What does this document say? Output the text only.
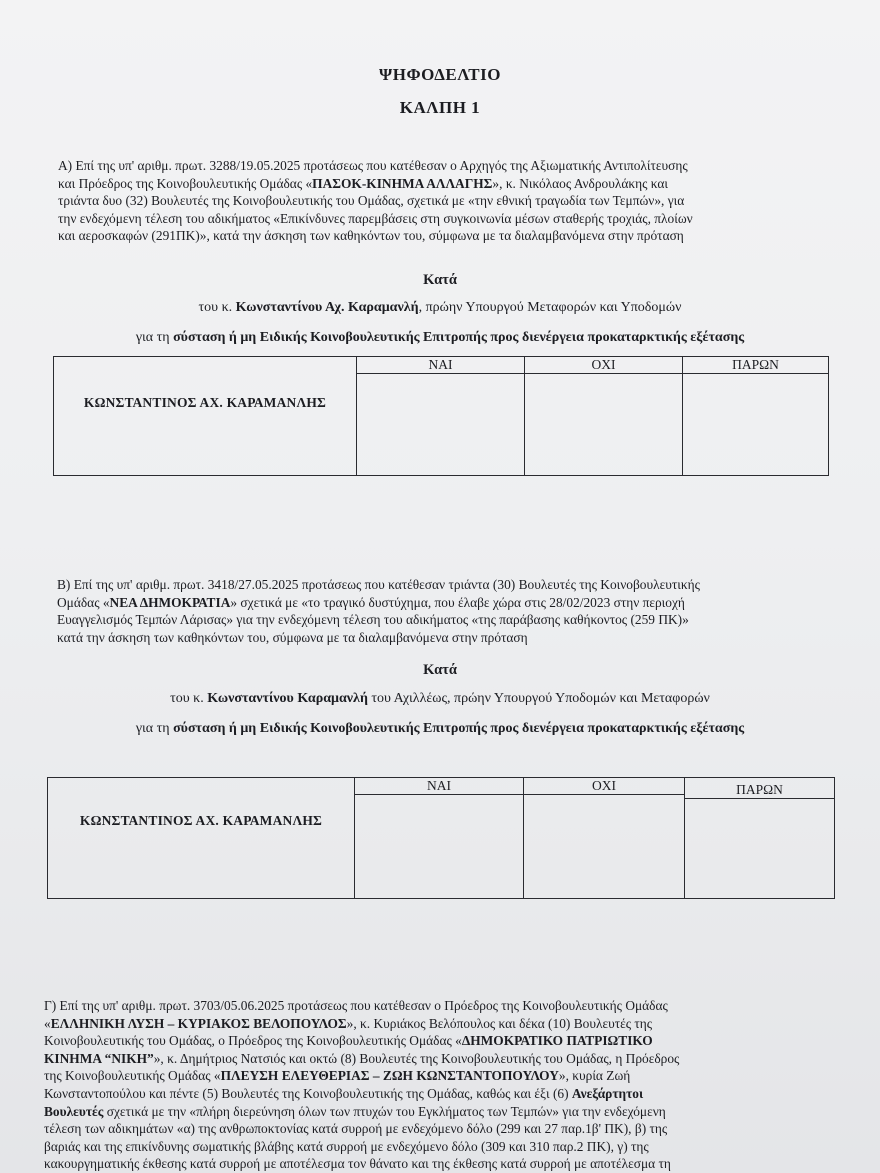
ΨΗΦΟΔΕΛΤΙΟ
ΚΑΛΠΗ 1
Α) Επί της υπ' αριθμ. πρωτ. 3288/19.05.2025 προτάσεως που κατέθεσαν ο Αρχηγός της Αξιωματικής Αντιπολίτευσης
και Πρόεδρος της Κοινοβουλευτικής Ομάδας «ΠΑΣΟΚ-ΚΙΝΗΜΑ ΑΛΛΑΓΗΣ», κ. Νικόλαος Ανδρουλάκης και
τριάντα δυο (32) Βουλευτές της Κοινοβουλευτικής του Ομάδας, σχετικά με «την εθνική τραγωδία των Τεμπών», για
την ενδεχόμενη τέλεση του αδικήματος «Επικίνδυνες παρεμβάσεις στη συγκοινωνία μέσων σταθερής τροχιάς, πλοίων
και αεροσκαφών (291ΠΚ)», κατά την άσκηση των καθηκόντων του, σύμφωνα με τα διαλαμβανόμενα στην πρόταση
Κατά
του κ. Κωνσταντίνου Αχ. Καραμανλή, πρώην Υπουργού Μεταφορών και Υποδομών
για τη σύσταση ή μη Ειδικής Κοινοβουλευτικής Επιτροπής προς διενέργεια προκαταρκτικής εξέτασης
ΚΩΝΣΤΑΝΤΙΝΟΣ ΑΧ. ΚΑΡΑΜΑΝΛΗΣ
ΝΑΙ	ΟΧΙ	ΠΑΡΩΝ
Β) Επί της υπ' αριθμ. πρωτ. 3418/27.05.2025 προτάσεως που κατέθεσαν τριάντα (30) Βουλευτές της Κοινοβουλευτικής
Ομάδας «ΝΕΑ ΔΗΜΟΚΡΑΤΙΑ» σχετικά με «το τραγικό δυστύχημα, που έλαβε χώρα στις 28/02/2023 στην περιοχή
Ευαγγελισμός Τεμπών Λάρισας» για την ενδεχόμενη τέλεση του αδικήματος «της παράβασης καθήκοντος (259 ΠΚ)»
κατά την άσκηση των καθηκόντων του, σύμφωνα με τα διαλαμβανόμενα στην πρόταση
Κατά
του κ. Κωνσταντίνου Καραμανλή του Αχιλλέως, πρώην Υπουργού Υποδομών και Μεταφορών
για τη σύσταση ή μη Ειδικής Κοινοβουλευτικής Επιτροπής προς διενέργεια προκαταρκτικής εξέτασης
ΚΩΝΣΤΑΝΤΙΝΟΣ ΑΧ. ΚΑΡΑΜΑΝΛΗΣ
ΝΑΙ	ΟΧΙ	ΠΑΡΩΝ
Γ) Επί της υπ' αριθμ. πρωτ. 3703/05.06.2025 προτάσεως που κατέθεσαν ο Πρόεδρος της Κοινοβουλευτικής Ομάδας
«ΕΛΛΗΝΙΚΗ ΛΥΣΗ – ΚΥΡΙΑΚΟΣ ΒΕΛΟΠΟΥΛΟΣ», κ. Κυριάκος Βελόπουλος και δέκα (10) Βουλευτές της
Κοινοβουλευτικής του Ομάδας, ο Πρόεδρος της Κοινοβουλευτικής Ομάδας «ΔΗΜΟΚΡΑΤΙΚΟ ΠΑΤΡΙΩΤΙΚΟ
ΚΙΝΗΜΑ “ΝΙΚΗ”», κ. Δημήτριος Νατσιός και οκτώ (8) Βουλευτές της Κοινοβουλευτικής του Ομάδας, η Πρόεδρος
της Κοινοβουλευτικής Ομάδας «ΠΛΕΥΣΗ ΕΛΕΥΘΕΡΙΑΣ – ΖΩΗ ΚΩΝΣΤΑΝΤΟΠΟΥΛΟΥ», κυρία Ζωή
Κωνσταντοπούλου και πέντε (5) Βουλευτές της Κοινοβουλευτικής της Ομάδας, καθώς και έξι (6) Ανεξάρτητοι
Βουλευτές σχετικά με την «πλήρη διερεύνηση όλων των πτυχών του Εγκλήματος των Τεμπών» για την ενδεχόμενη
τέλεση των αδικημάτων «α) της ανθρωποκτονίας κατά συρροή με ενδεχόμενο δόλο (299 και 27 παρ.1β' ΠΚ), β) της
βαριάς και της επικίνδυνης σωματικής βλάβης κατά συρροή με ενδεχόμενο δόλο (309 και 310 παρ.2 ΠΚ), γ) της
κακουργηματικής έκθεσης κατά συρροή με αποτέλεσμα τον θάνατο και της έκθεσης κατά συρροή με αποτέλεσμα τη
